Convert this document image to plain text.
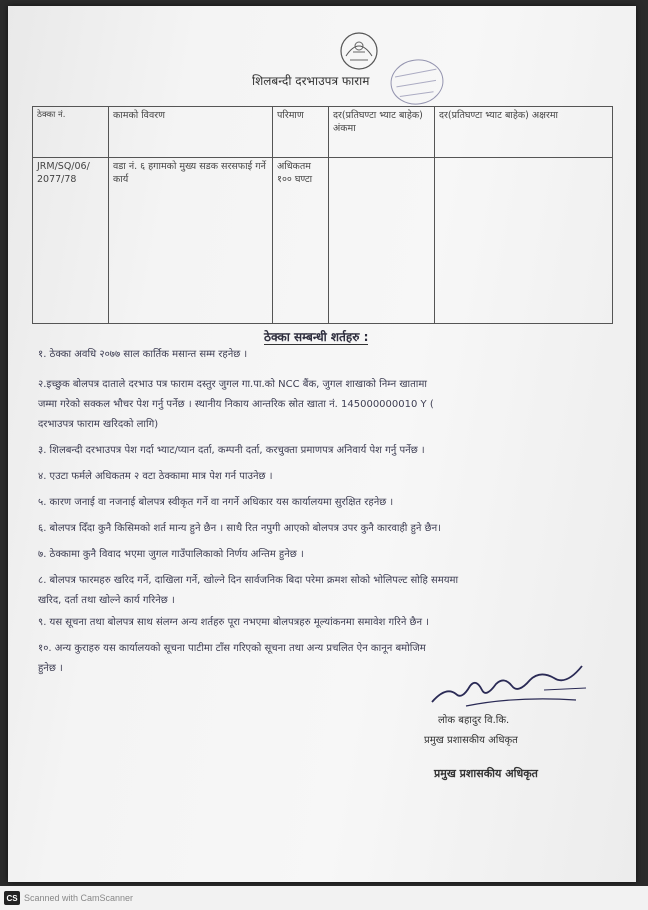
शिलबन्दी दरभाउपत्र फाराम
ठेक्का नं.	कामको विवरण	परिमाण	दर(प्रतिघण्टा भ्याट बाहेक) अंकमा	दर(प्रतिघण्टा भ्याट बाहेक) अक्षरमा
JRM/SQ/06/ 2077/78	वडा नं. ६ हगामको मुख्य सडक सरसफाई गर्ने कार्य	अधिकतम १०० घण्टा		
ठेक्का सम्बन्धी शर्तहरु :
१. ठेक्का अवधि २०७७ साल कार्तिक मसान्त सम्म रहनेछ ।
२.इच्छुक बोलपत्र दाताले दरभाउ पत्र फाराम दस्तुर जुगल गा.पा.को NCC बैंक, जुगल शाखाको निम्न खातामा
जम्मा गरेको सक्कल भौचर पेश गर्नु पर्नेछ । स्थानीय निकाय आन्तरिक स्रोत खाता नं. 145000000010 Y (
दरभाउपत्र फाराम खरिदको लागि)
३. शिलबन्दी दरभाउपत्र पेश गर्दा भ्याट/प्यान दर्ता, कम्पनी दर्ता, करचुक्ता प्रमाणपत्र अनिवार्य पेश गर्नु पर्नेछ ।
४. एउटा फर्मले अधिकतम २ वटा ठेक्कामा मात्र पेश गर्न पाउनेछ ।
५. कारण जनाई वा नजनाई बोलपत्र स्वीकृत गर्ने वा नगर्ने अधिकार यस कार्यालयमा सुरक्षित रहनेछ ।
६. बोलपत्र दिँदा कुनै किसिमको शर्त मान्य हुने छैन । साथै रित नपुगी आएको बोलपत्र उपर कुनै कारवाही हुने छैन।
७. ठेक्कामा कुनै विवाद भएमा जुगल गाउँपालिकाको निर्णय अन्तिम हुनेछ ।
८. बोलपत्र फारमहरु खरिद गर्ने, दाखिला गर्ने, खोल्ने दिन सार्वजनिक बिदा परेमा क्रमश सोको भोलिपल्ट सोहि समयमा
खरिद, दर्ता तथा खोल्ने कार्य गरिनेछ ।
९. यस सूचना तथा बोलपत्र साथ संलग्न अन्य शर्तहरु पूरा नभएमा बोलपत्रहरु मूल्यांकनमा समावेश गरिने छैन ।
१०. अन्य कुराहरु यस कार्यालयको सूचना पाटीमा टाँस गरिएको सूचना तथा अन्य प्रचलित ऐन कानून बमोजिम
हुनेछ ।
लोक बहादुर वि.कि.
प्रमुख प्रशासकीय अधिकृत
प्रमुख प्रशासकीय अधिकृत
CS Scanned with CamScanner
